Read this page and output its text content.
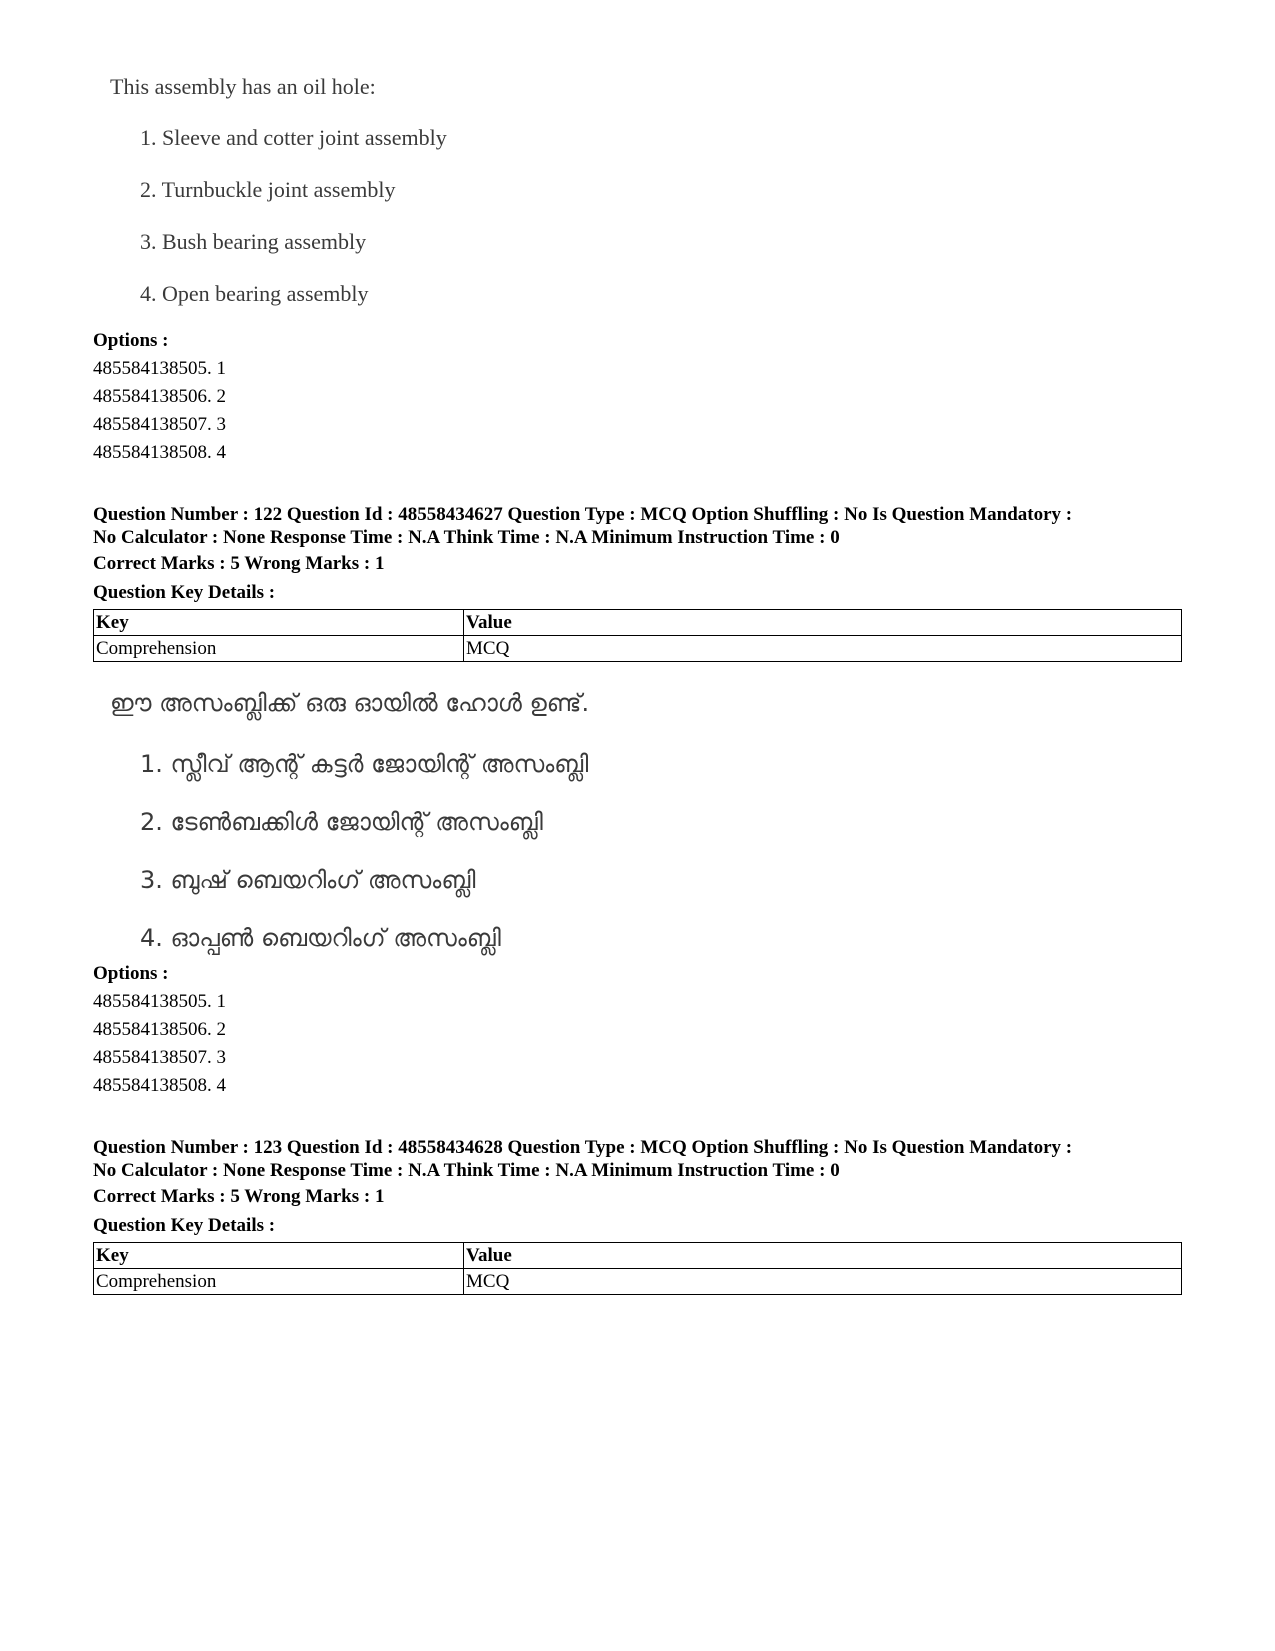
This assembly has an oil hole:

1. Sleeve and cotter joint assembly
2. Turnbuckle joint assembly
3. Bush bearing assembly
4. Open bearing assembly
Options :
485584138505. 1
485584138506. 2
485584138507. 3
485584138508. 4
Question Number : 122 Question Id : 48558434627 Question Type : MCQ Option Shuffling : No Is Question Mandatory :
No Calculator : None Response Time : N.A Think Time : N.A Minimum Instruction Time : 0
Correct Marks : 5 Wrong Marks : 1
Question Key Details :
Key	Value
Comprehension	MCQ

ഈ അസംബ്ലിക്ക് ഒരു ഓയിൽ ഹോൾ ഉണ്ട്.

1. സ്ലീവ് ആന്റ് കട്ടർ ജോയിന്റ് അസംബ്ലി
2. ടേൺബക്കിൾ ജോയിന്റ് അസംബ്ലി
3. ബുഷ് ബെയറിംഗ് അസംബ്ലി
4. ഓപ്പൺ ബെയറിംഗ് അസംബ്ലി
Options :
485584138505. 1
485584138506. 2
485584138507. 3
485584138508. 4
Question Number : 123 Question Id : 48558434628 Question Type : MCQ Option Shuffling : No Is Question Mandatory :
No Calculator : None Response Time : N.A Think Time : N.A Minimum Instruction Time : 0
Correct Marks : 5 Wrong Marks : 1
Question Key Details :
Key	Value
Comprehension	MCQ
